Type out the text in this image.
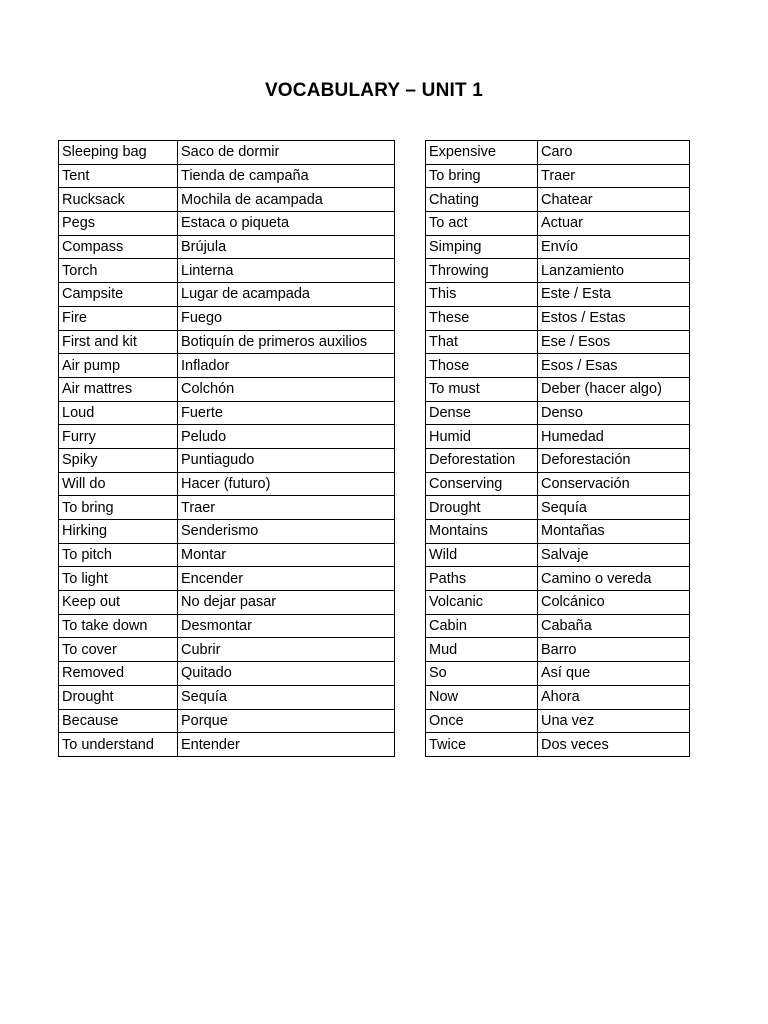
VOCABULARY – UNIT 1
Sleeping bag	Saco de dormir
Tent	Tienda de campaña
Rucksack	Mochila de acampada
Pegs	Estaca o piqueta
Compass	Brújula
Torch	Linterna
Campsite	Lugar de acampada
Fire	Fuego
First and kit	Botiquín de primeros auxilios
Air pump	Inflador
Air mattres	Colchón
Loud	Fuerte
Furry	Peludo
Spiky	Puntiagudo
Will do	Hacer (futuro)
To bring	Traer
Hirking	Senderismo
To pitch	Montar
To light	Encender
Keep out	No dejar pasar
To take down	Desmontar
To cover	Cubrir
Removed	Quitado
Drought	Sequía
Because	Porque
To understand	Entender
Expensive	Caro
To bring	Traer
Chating	Chatear
To act	Actuar
Simping	Envío
Throwing	Lanzamiento
This	Este / Esta
These	Estos / Estas
That	Ese / Esos
Those	Esos / Esas
To must	Deber (hacer algo)
Dense	Denso
Humid	Humedad
Deforestation	Deforestación
Conserving	Conservación
Drought	Sequía
Montains	Montañas
Wild	Salvaje
Paths	Camino o vereda
Volcanic	Colcánico
Cabin	Cabaña
Mud	Barro
So	Así que
Now	Ahora
Once	Una vez
Twice	Dos veces
